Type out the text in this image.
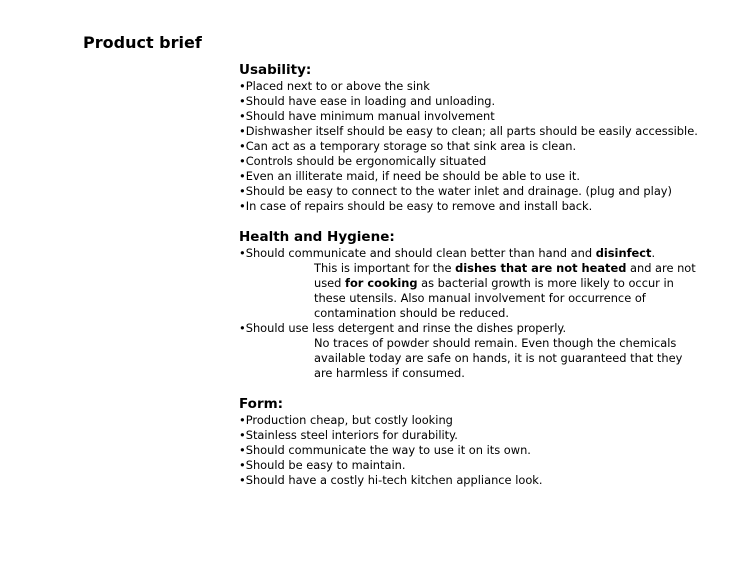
Product brief
Usability:
•Placed next to or above the sink
•Should have ease in loading and unloading.
•Should have minimum manual involvement
•Dishwasher itself should be easy to clean; all parts should be easily accessible.
•Can act as a temporary storage so that sink area is clean.
•Controls should be ergonomically situated
•Even an illiterate maid, if need be should be able to use it.
•Should be easy to connect to the water inlet and drainage. (plug and play)
•In case of repairs should be easy to remove and install back.
Health and Hygiene:
•Should communicate and should clean better than hand and disinfect.
This is important for the dishes that are not heated and are not
used for cooking as bacterial growth is more likely to occur in
these utensils. Also manual involvement for occurrence of
contamination should be reduced.
•Should use less detergent and rinse the dishes properly.
No traces of powder should remain. Even though the chemicals
available today are safe on hands, it is not guaranteed that they
are harmless if consumed.
Form:
•Production cheap, but costly looking
•Stainless steel interiors for durability.
•Should communicate the way to use it on its own.
•Should be easy to maintain.
•Should have a costly hi-tech kitchen appliance look.
